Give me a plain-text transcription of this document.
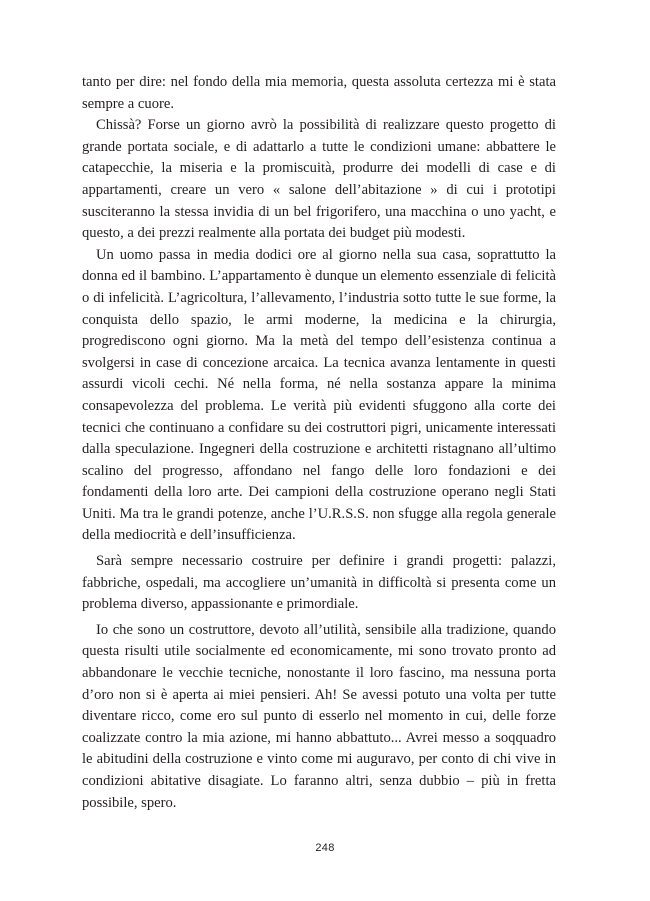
tanto per dire: nel fondo della mia memoria, questa assoluta certezza mi è stata sempre a cuore.

Chissà? Forse un giorno avrò la possibilità di realizzare questo progetto di grande portata sociale, e di adattarlo a tutte le condizioni umane: abbattere le catapecchie, la miseria e la promiscuità, produrre dei modelli di case e di appartamenti, creare un vero « salone dell’abitazione » di cui i prototipi susciteranno la stessa invidia di un bel frigorifero, una macchina o uno yacht, e questo, a dei prezzi realmente alla portata dei budget più modesti.

Un uomo passa in media dodici ore al giorno nella sua casa, soprattutto la donna ed il bambino. L’appartamento è dunque un elemento essenziale di felicità o di infelicità. L’agricoltura, l’allevamento, l’industria sotto tutte le sue forme, la conquista dello spazio, le armi moderne, la medicina e la chirurgia, progrediscono ogni giorno. Ma la metà del tempo dell’esistenza continua a svolgersi in case di concezione arcaica. La tecnica avanza lentamente in questi assurdi vicoli cechi. Né nella forma, né nella sostanza appare la minima consapevolezza del problema. Le verità più evidenti sfuggono alla corte dei tecnici che continuano a confidare su dei costruttori pigri, unicamente interessati dalla speculazione. Ingegneri della costruzione e architetti ristagnano all’ultimo scalino del progresso, affondano nel fango delle loro fondazioni e dei fondamenti della loro arte. Dei campioni della costruzione operano negli Stati Uniti. Ma tra le grandi potenze, anche l’U.R.S.S. non sfugge alla regola generale della mediocrità e dell’insufficienza.

Sarà sempre necessario costruire per definire i grandi progetti: palazzi, fabbriche, ospedali, ma accogliere un’umanità in difficoltà si presenta come un problema diverso, appassionante e primordiale.

Io che sono un costruttore, devoto all’utilità, sensibile alla tradizione, quando questa risulti utile socialmente ed economicamente, mi sono trovato pronto ad abbandonare le vecchie tecniche, nonostante il loro fascino, ma nessuna porta d’oro non si è aperta ai miei pensieri. Ah! Se avessi potuto una volta per tutte diventare ricco, come ero sul punto di esserlo nel momento in cui, delle forze coalizzate contro la mia azione, mi hanno abbattuto... Avrei messo a soqquadro le abitudini della costruzione e vinto come mi auguravo, per conto di chi vive in condizioni abitative disagiate. Lo faranno altri, senza dubbio – più in fretta possibile, spero.

248
